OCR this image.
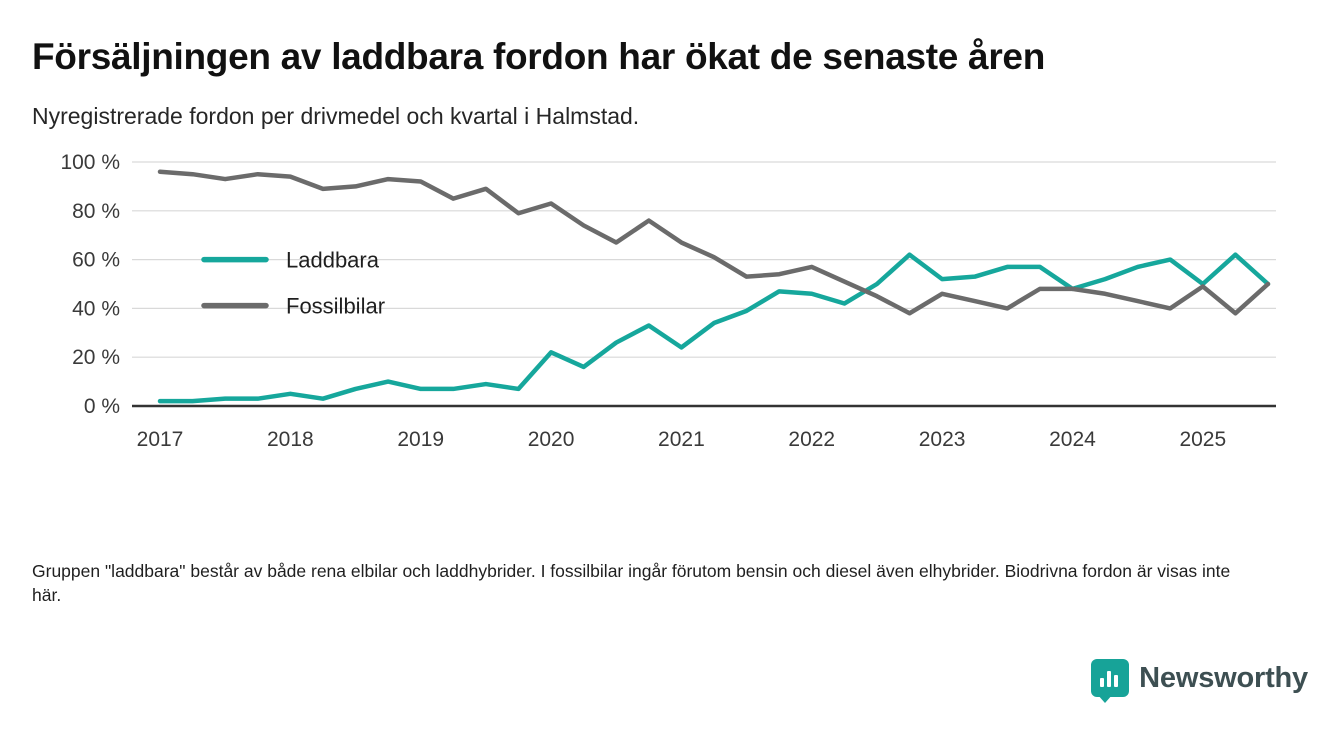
Försäljningen av laddbara fordon har ökat de senaste åren

Nyregistrerade fordon per drivmedel och kvartal i Halmstad.

0 %
20 %
40 %
60 %
80 %
100 %
2017	2018	2019	2020	2021	2022	2023	2024	2025
Laddbara
Fossilbilar
Gruppen "laddbara" består av både rena elbilar och laddhybrider. I fossilbilar ingår förutom bensin och diesel även elhybrider. Biodrivna fordon är visas inte här.
Newsworthy
